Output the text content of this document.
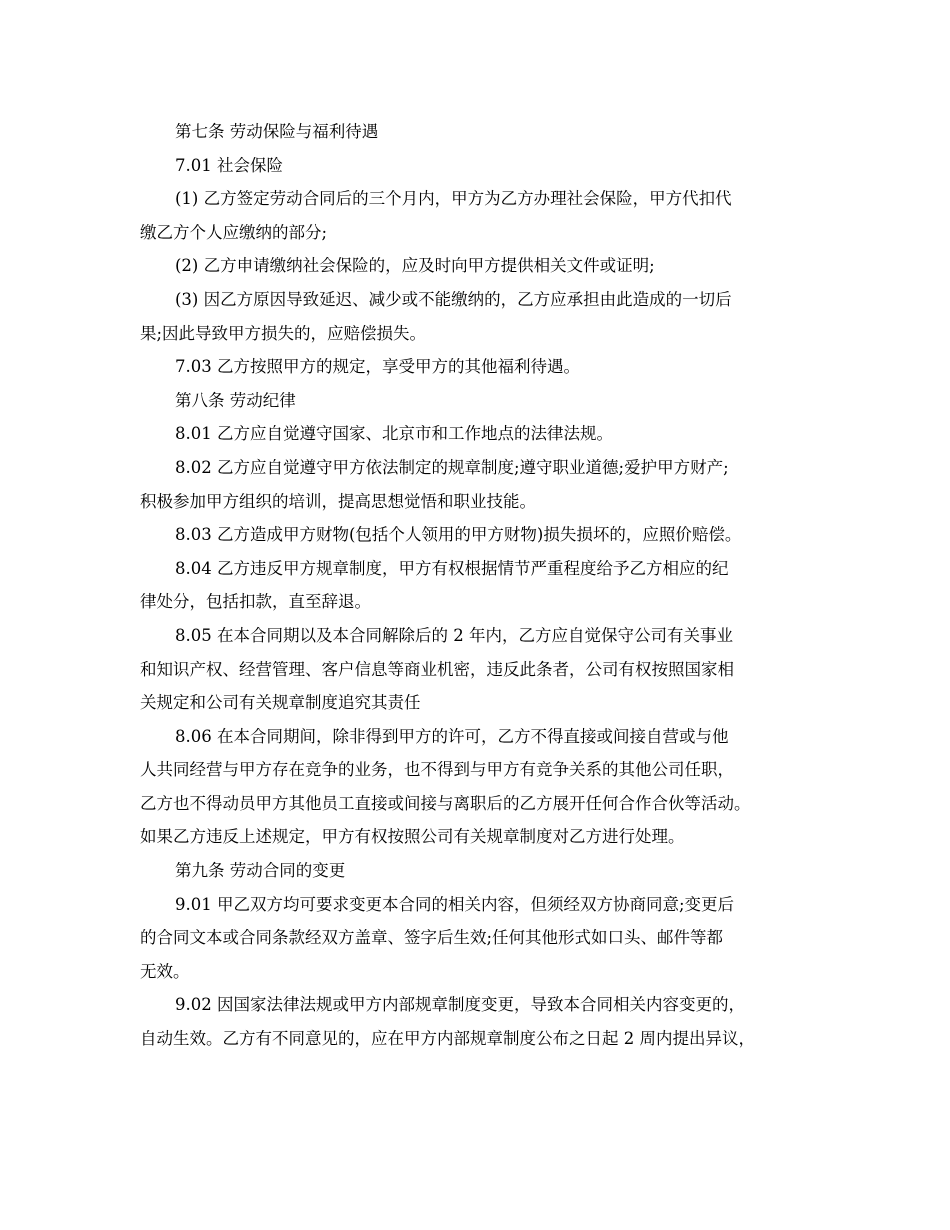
第七条 劳动保险与福利待遇
7.01 社会保险
(1) 乙方签定劳动合同后的三个月内，甲方为乙方办理社会保险，甲方代扣代
缴乙方个人应缴纳的部分;
(2) 乙方申请缴纳社会保险的，应及时向甲方提供相关文件或证明;
(3) 因乙方原因导致延迟、减少或不能缴纳的，乙方应承担由此造成的一切后
果;因此导致甲方损失的，应赔偿损失。
7.03 乙方按照甲方的规定，享受甲方的其他福利待遇。
第八条 劳动纪律
8.01 乙方应自觉遵守国家、北京市和工作地点的法律法规。
8.02 乙方应自觉遵守甲方依法制定的规章制度;遵守职业道德;爱护甲方财产;
积极参加甲方组织的培训，提高思想觉悟和职业技能。
8.03 乙方造成甲方财物(包括个人领用的甲方财物)损失损坏的，应照价赔偿。
8.04 乙方违反甲方规章制度，甲方有权根据情节严重程度给予乙方相应的纪
律处分，包括扣款，直至辞退。
8.05 在本合同期以及本合同解除后的 2 年内，乙方应自觉保守公司有关事业
和知识产权、经营管理、客户信息等商业机密，违反此条者，公司有权按照国家相
关规定和公司有关规章制度追究其责任
8.06 在本合同期间，除非得到甲方的许可，乙方不得直接或间接自营或与他
人共同经营与甲方存在竞争的业务，也不得到与甲方有竞争关系的其他公司任职，
乙方也不得动员甲方其他员工直接或间接与离职后的乙方展开任何合作合伙等活动。
如果乙方违反上述规定，甲方有权按照公司有关规章制度对乙方进行处理。
第九条 劳动合同的变更
9.01 甲乙双方均可要求变更本合同的相关内容，但须经双方协商同意;变更后
的合同文本或合同条款经双方盖章、签字后生效;任何其他形式如口头、邮件等都
无效。
9.02 因国家法律法规或甲方内部规章制度变更，导致本合同相关内容变更的，
自动生效。乙方有不同意见的，应在甲方内部规章制度公布之日起 2 周内提出异议，
